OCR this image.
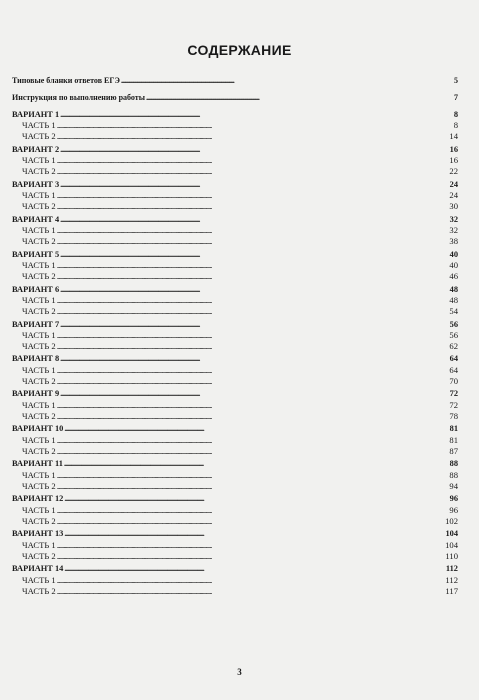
СОДЕРЖАНИЕ
Типовые бланки ответов ЕГЭ . . .	5
Инструкция по выполнению работы . . .	7
ВАРИАНТ 1 . . .	8
ЧАСТЬ 1 . . .	8
ЧАСТЬ 2 . . .	14
ВАРИАНТ 2 . . .	16
ЧАСТЬ 1 . . .	16
ЧАСТЬ 2 . . .	22
ВАРИАНТ 3 . . .	24
ЧАСТЬ 1 . . .	24
ЧАСТЬ 2 . . .	30
ВАРИАНТ 4 . . .	32
ЧАСТЬ 1 . . .	32
ЧАСТЬ 2 . . .	38
ВАРИАНТ 5 . . .	40
ЧАСТЬ 1 . . .	40
ЧАСТЬ 2 . . .	46
ВАРИАНТ 6 . . .	48
ЧАСТЬ 1 . . .	48
ЧАСТЬ 2 . . .	54
ВАРИАНТ 7 . . .	56
ЧАСТЬ 1 . . .	56
ЧАСТЬ 2 . . .	62
ВАРИАНТ 8 . . .	64
ЧАСТЬ 1 . . .	64
ЧАСТЬ 2 . . .	70
ВАРИАНТ 9 . . .	72
ЧАСТЬ 1 . . .	72
ЧАСТЬ 2 . . .	78
ВАРИАНТ 10 . . .	81
ЧАСТЬ 1 . . .	81
ЧАСТЬ 2 . . .	87
ВАРИАНТ 11 . . .	88
ЧАСТЬ 1 . . .	88
ЧАСТЬ 2 . . .	94
ВАРИАНТ 12 . . .	96
ЧАСТЬ 1 . . .	96
ЧАСТЬ 2 . . .	102
ВАРИАНТ 13 . . .	104
ЧАСТЬ 1 . . .	104
ЧАСТЬ 2 . . .	110
ВАРИАНТ 14 . . .	112
ЧАСТЬ 1 . . .	112
ЧАСТЬ 2 . . .	117
3
